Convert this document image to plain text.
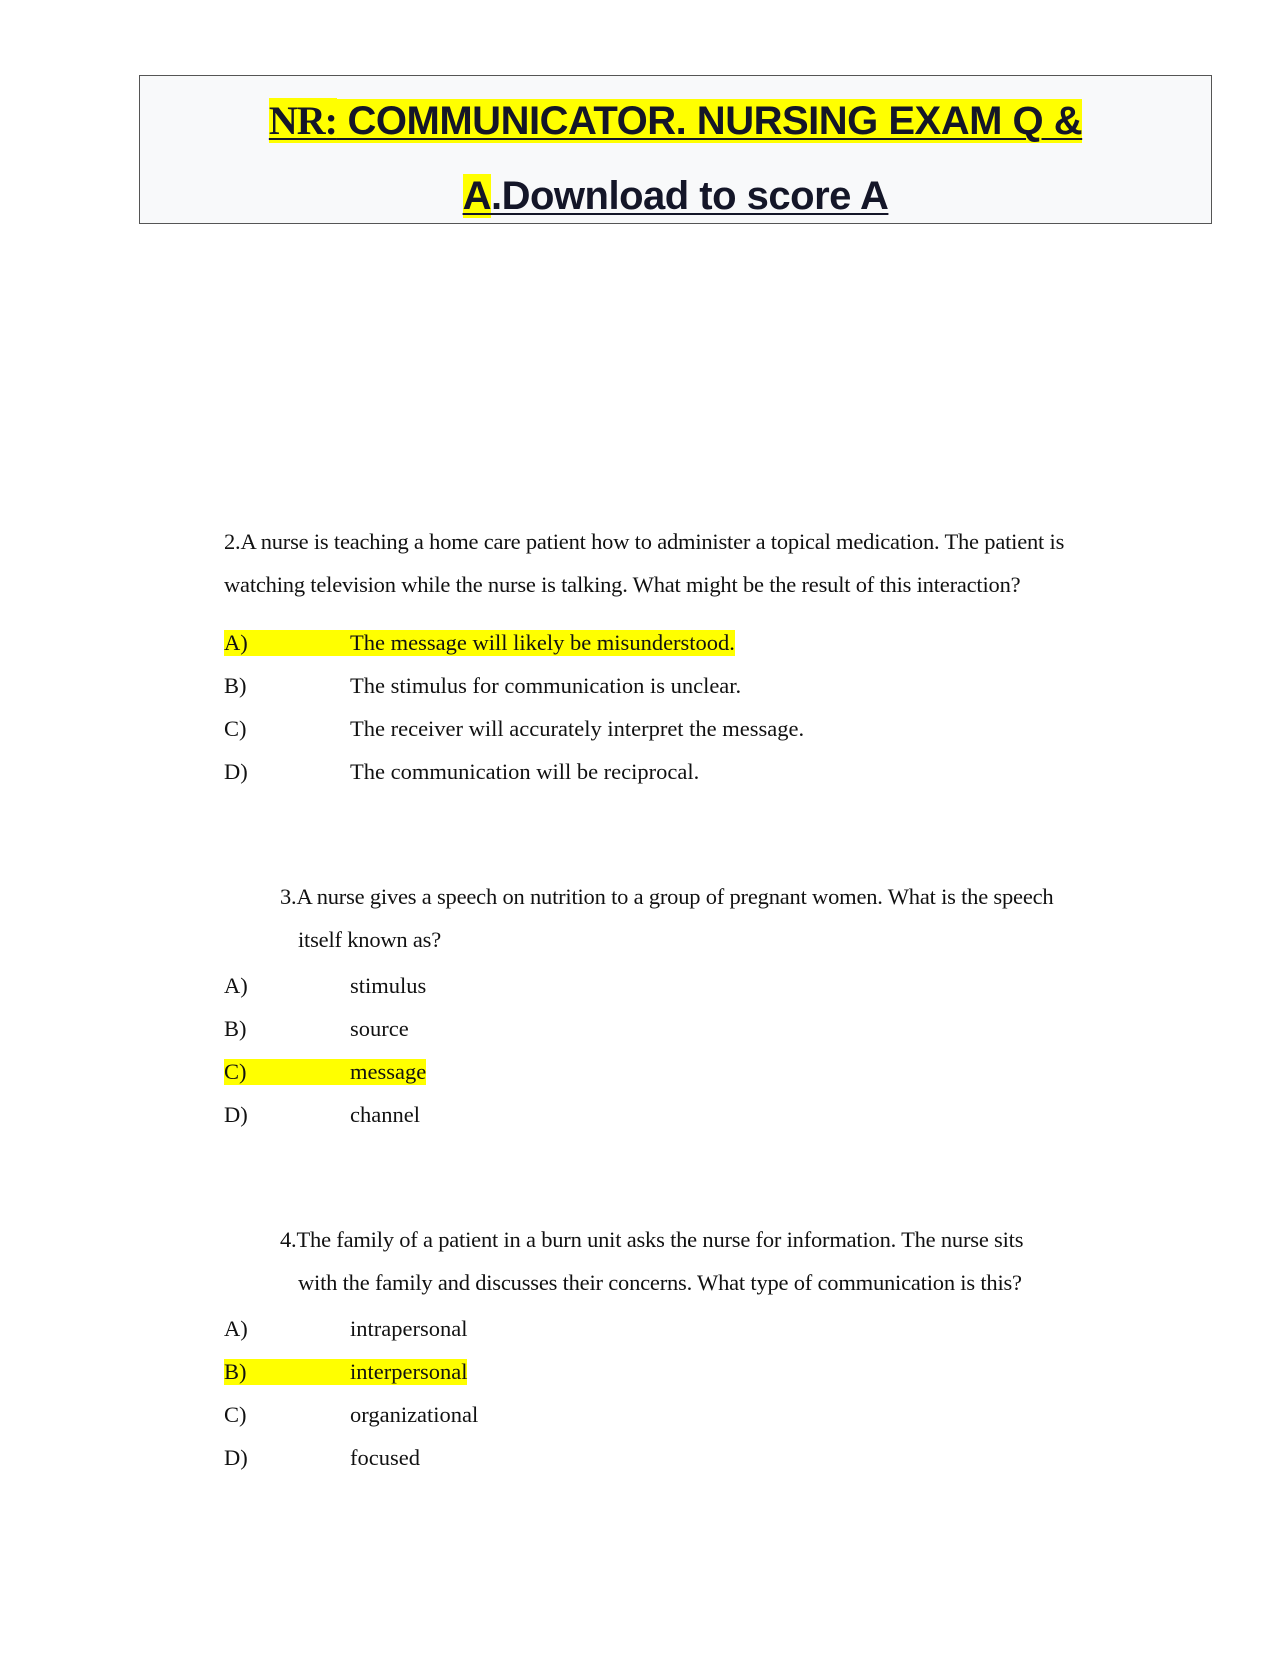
NR: COMMUNICATOR. NURSING EXAM Q &
A.Download to score A
2.A nurse is teaching a home care patient how to administer a topical medication. The patient is
watching television while the nurse is talking. What might be the result of this interaction?
A)	The message will likely be misunderstood.
B)	The stimulus for communication is unclear.
C)	The receiver will accurately interpret the message.
D)	The communication will be reciprocal.
3.A nurse gives a speech on nutrition to a group of pregnant women. What is the speech
itself known as?
A)	stimulus
B)	source
C)	message
D)	channel
4.The family of a patient in a burn unit asks the nurse for information. The nurse sits
with the family and discusses their concerns. What type of communication is this?
A)	intrapersonal
B)	interpersonal
C)	organizational
D)	focused
